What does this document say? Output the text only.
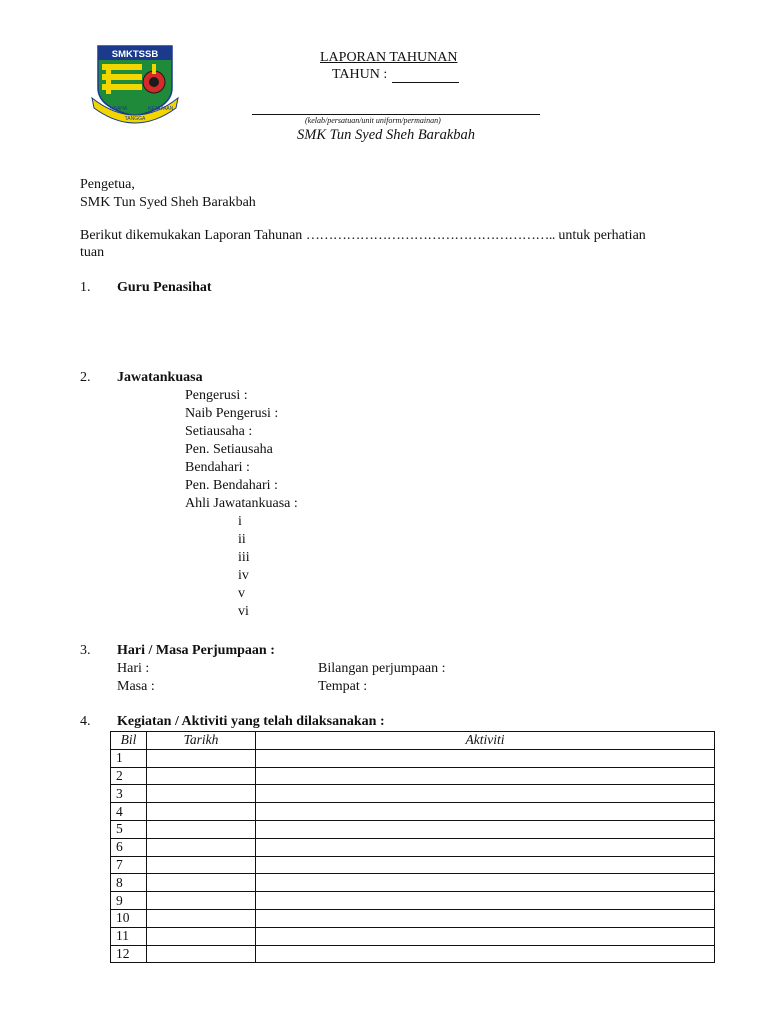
SMKTSSB
USAHA
TANGGA
KEJAYAAN
LAPORAN TAHUNAN
TAHUN :
(kelab/persatuan/unit uniform/permainan)
SMK Tun Syed Sheh Barakbah
Pengetua,
SMK Tun Syed Sheh Barakbah
Berikut dikemukakan Laporan Tahunan ……………………………………………….. untuk perhatian
tuan
1. Guru Penasihat
2. Jawatankuasa
Pengerusi :
Naib Pengerusi :
Setiausaha :
Pen. Setiausaha
Bendahari :
Pen. Bendahari :
Ahli Jawatankuasa :
i
ii
iii
iv
v
vi
3. Hari / Masa Perjumpaan :
Hari :	Bilangan perjumpaan :
Masa :	Tempat :
4. Kegiatan / Aktiviti yang telah dilaksanakan :
Bil	Tarikh	Aktiviti
1		
2		
3		
4		
5		
6		
7		
8		
9		
10		
11		
12		
